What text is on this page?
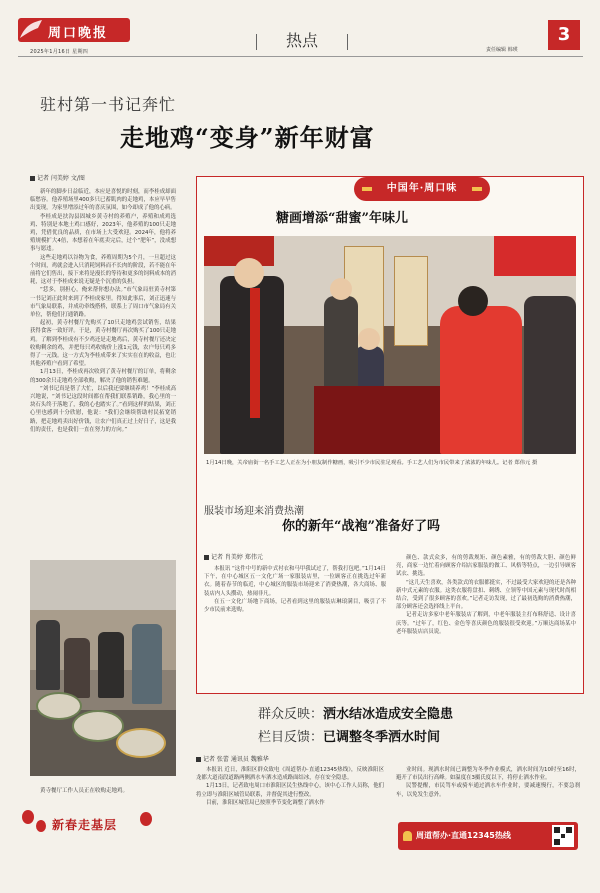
周口晚报
2025年1月16日 星期四
热点	责任编辑 韩瑛
3
驻村第一书记奔忙
走地鸡“变身”新年财富
记者 闫美婷 文/图

新年的脚步日益临近，本应是喜悦的时刻，而李桂成却面临愁容。他养殖场里400多只已蓄肌肉的走地鸡，本应早早售出变现，为家里增添过年的喜庆氛围，如今却成了他的心病。

李桂成是扶沟县固城乡黄寺村的养殖户，养殖和成鸡选鸡、特别是本地土鸡口感好，2023年，他养殖的100只走地鸡，凭借优良的品质，在市场上大受欢迎。2024年，他将养殖规模扩大4倍，本想着在年底卖完后，过个“肥年”，没成想事与愿违。

这些走地鸡以谷物为食，养殖周期为5个月，一旦超过这个时间，鸡就会进入只消耗饲料而不长肉的阶段，若不能在年前将它们售出，接下来将是漫长的等待和更多的饲料成本的消耗，这对于李桂成来说无疑是个沉重的负担。

“恁多，别担心，俺来帮你想办法。”市气象局驻黄寺村第一书记刘正此时来到了李桂成家里。得知此事后，刘正迅速与市气象局联系，并成功牵线搭桥，联系上了周口市气象局有关单位，帮他们打通销路。

起初，黄寺村餐厅先购买了10只走地鸡尝试销售，结果获得食客一致好评。于是，黄寺村餐厅再次购买了100只走地鸡。了解到李桂成有不少鸡还是走地鸡后，黄寺村餐厅还决定收购剩余的鸡，并把每只鸡收购价上涨1元钱，农户每只鸡多得了一元钱。这一方式为李桂成带来了实实在在的收益，也让其他养殖户看到了希望。

1月13日，李桂成再次收到了黄寺村餐厅的订单，将剩余的300余只走地鸡全部收购，解决了他的销售难题。

“刘书记真是帮了大忙，以后我还要继续养鸡！”李桂成高兴地说，“刘书记这段时间都在帮我们联系销路，我心里的一块石头终于落地了，我的心也踏实了。”看到这样的结果，刘正心里也感到十分欣慰，他说：“我们会继续帮助村民拓宽销路，把走地鸡卖出好价钱，让农户们真正过上好日子，这是我们的责任，也是我们一直在努力的方向。”

黄寺餐厅工作人员正在收购走地鸡。
新春走基层
中国年·周口味
糖画增添“甜蜜”年味儿
1月14日晚，关帝庙街一名手工艺人正在为小朋友制作糖画，吸引不少市民驻足观看。手工艺人们为市民带来了浓浓的年味儿。记者 郑伟元 摄
服装市场迎来消费热潮
你的新年“战袍”准备好了吗
记者 肖美婷 郑伟元

本报讯 “这件中号的新中式衬衣和马甲我试过了，帮我打包吧。”1月14日下午，在中心城区五一文化广场一家服装店里，一位顾客正在挑选过年新衣。随着春节的临近，中心城区的服装市场迎来了消费热潮，各大商场、服装店内人头攒动，热闹非凡。

在五一文化广场地下商场，记者看到这里的服装店琳琅满目，吸引了不少市民前来选购。

颜色、款式众多，有的剪裁规矩、颜色素雅，有的剪裁大胆、颜色鲜亮，商家一边忙着向顾客介绍店家服装的做工、风格等特点，一边引导顾客试衣、挑选。

“这儿天生喜欢，各类款式的衣服都挺实，不过最受大家欢迎的还是各种新中式元素的衣服。这类衣服将盘扣、刺绣、立领等中国元素与现代时尚相结合，受到了很多顾客的喜欢。”记者走访发现，过了最初选购的消费热潮，部分顾客还会选择线上平台。

记者走访多家中老年服装店了解到，中老年服装主打布料舒适、设计喜庆等。“过年了，红色、金色等喜庆颜色的服装很受欢迎。”万顺达商场某中老年服装店店员说。

群众反映：洒水结冰造成安全隐患
栏目反馈：已调整冬季洒水时间
记者 张蕾 通讯员 魏雅华

本报讯 近日，淮阳区群众致电《周道帮办·直通12345热线》，反映淮阳区龙都大道南段道路两侧洒水车洒水造成路面结冰，存在安全隐患。

1月13日，记者致电周口市淮阳区民生热线中心，该中心工作人员称，他们将立即与淮阳区城管局联系，并督促其进行整改。

目前，淮阳区城管局已按照季节变化调整了洒水作

业时间。现洒水时间已调整为冬季作业模式，洒水时间为10时至16时，避开了市民出行高峰。如温度在3摄氏度以下，将停止洒水作业。

民警提醒，市民驾车或骑车通过洒水车作业时，要减速慢行，不要急刹车，以免发生意外。

周道帮办·直通12345热线
